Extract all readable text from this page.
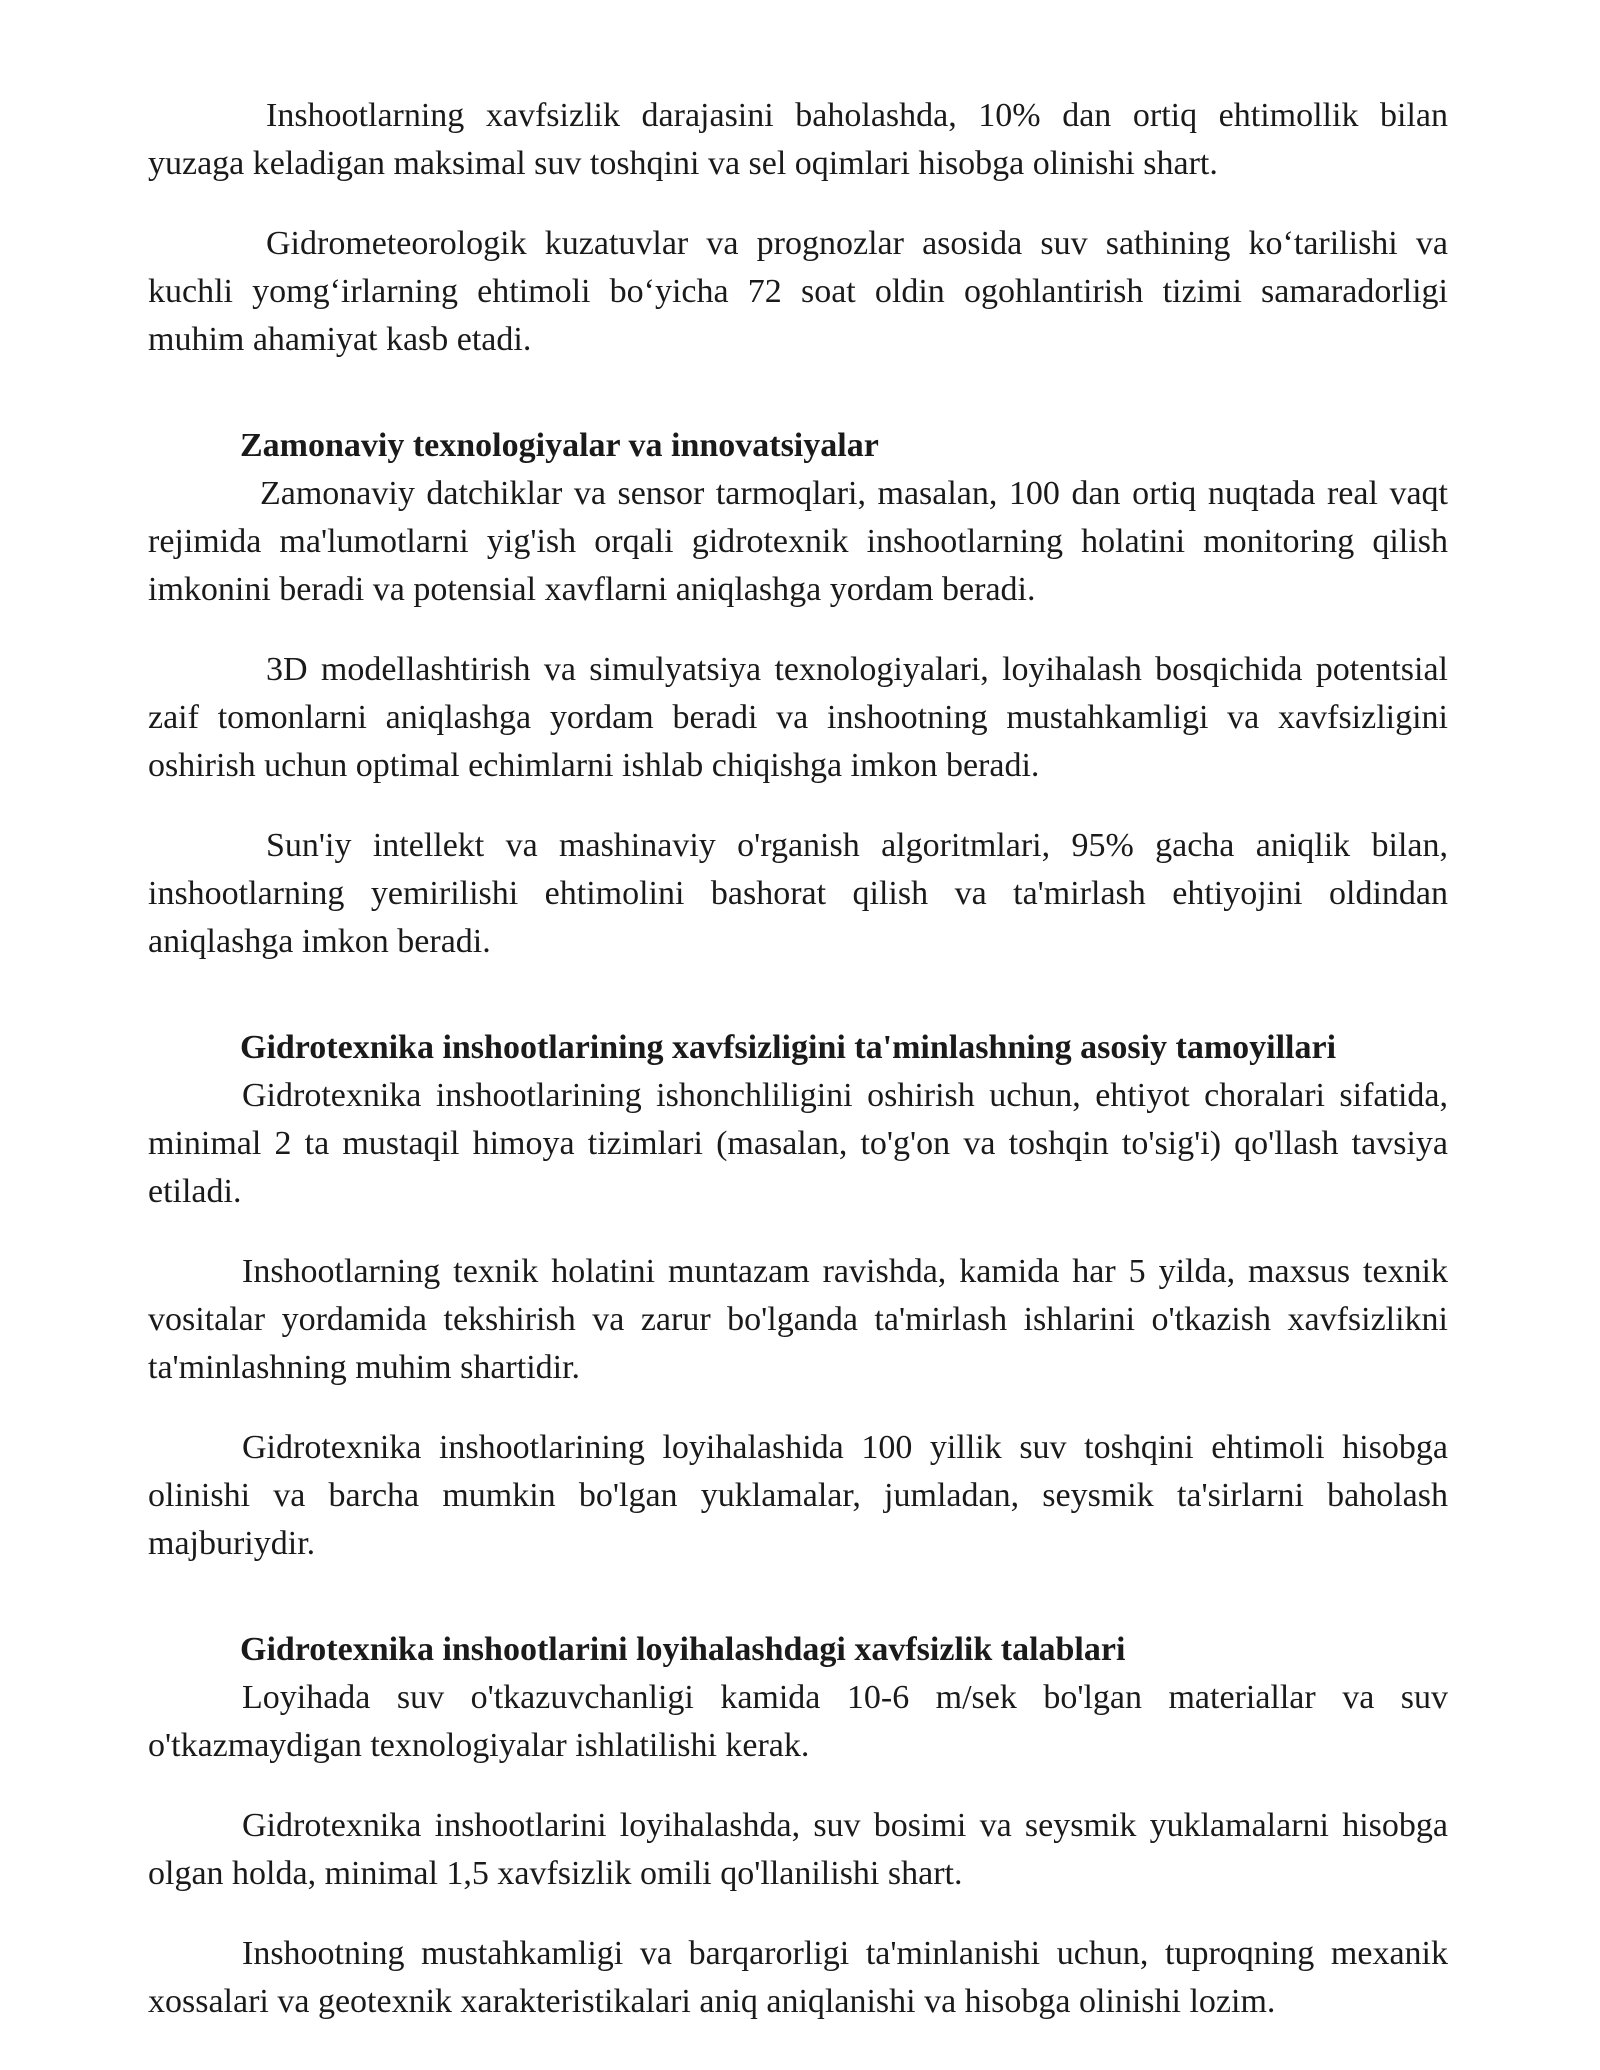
Inshootlarning xavfsizlik darajasini baholashda, 10% dan ortiq ehtimollik bilan yuzaga keladigan maksimal suv toshqini va sel oqimlari hisobga olinishi shart.

Gidrometeorologik kuzatuvlar va prognozlar asosida suv sathining ko‘tarilishi va kuchli yomg‘irlarning ehtimoli bo‘yicha 72 soat oldin ogohlantirish tizimi samaradorligi muhim ahamiyat kasb etadi.

Zamonaviy texnologiyalar va innovatsiyalar

Zamonaviy datchiklar va sensor tarmoqlari, masalan, 100 dan ortiq nuqtada real vaqt rejimida ma'lumotlarni yig'ish orqali gidrotexnik inshootlarning holatini monitoring qilish imkonini beradi va potensial xavflarni aniqlashga yordam beradi.

3D modellashtirish va simulyatsiya texnologiyalari, loyihalash bosqichida potentsial zaif tomonlarni aniqlashga yordam beradi va inshootning mustahkamligi va xavfsizligini oshirish uchun optimal echimlarni ishlab chiqishga imkon beradi.

Sun'iy intellekt va mashinaviy o'rganish algoritmlari, 95% gacha aniqlik bilan, inshootlarning yemirilishi ehtimolini bashorat qilish va ta'mirlash ehtiyojini oldindan aniqlashga imkon beradi.

Gidrotexnika inshootlarining xavfsizligini ta'minlashning asosiy tamoyillari

Gidrotexnika inshootlarining ishonchliligini oshirish uchun, ehtiyot choralari sifatida, minimal 2 ta mustaqil himoya tizimlari (masalan, to'g'on va toshqin to'sig'i) qo'llash tavsiya etiladi.

Inshootlarning texnik holatini muntazam ravishda, kamida har 5 yilda, maxsus texnik vositalar yordamida tekshirish va zarur bo'lganda ta'mirlash ishlarini o'tkazish xavfsizlikni ta'minlashning muhim shartidir.

Gidrotexnika inshootlarining loyihalashida 100 yillik suv toshqini ehtimoli hisobga olinishi va barcha mumkin bo'lgan yuklamalar, jumladan, seysmik ta'sirlarni baholash majburiydir.

Gidrotexnika inshootlarini loyihalashdagi xavfsizlik talablari

Loyihada suv o'tkazuvchanligi kamida 10-6 m/sek bo'lgan materiallar va suv o'tkazmaydigan texnologiyalar ishlatilishi kerak.

Gidrotexnika inshootlarini loyihalashda, suv bosimi va seysmik yuklamalarni hisobga olgan holda, minimal 1,5 xavfsizlik omili qo'llanilishi shart.

Inshootning mustahkamligi va barqarorligi ta'minlanishi uchun, tuproqning mexanik xossalari va geotexnik xarakteristikalari aniq aniqlanishi va hisobga olinishi lozim.
